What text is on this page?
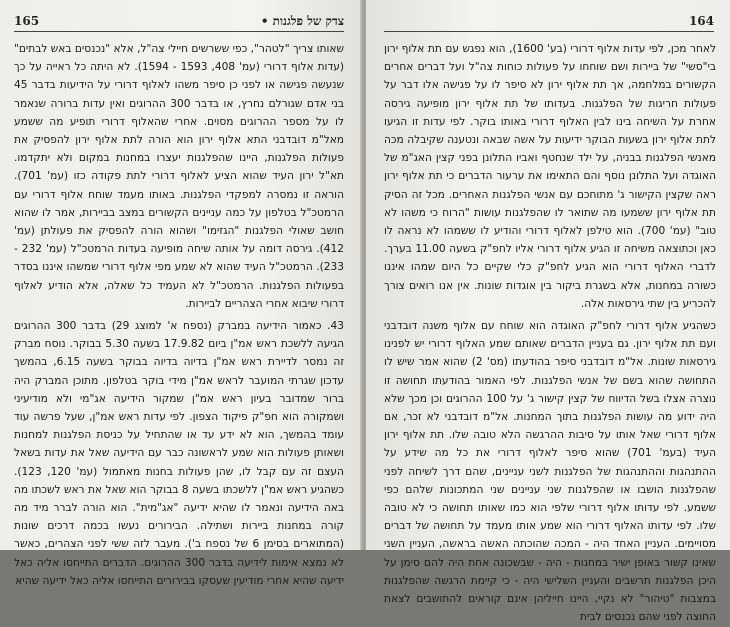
165	צדק של פלגנות •

שאותו צריך "לטהר", כפי ששרשים חיילי צה"ל, אלא "נכנסים באש לבתים" (עדות אלוף דרורי (עמ' 408, 1593 - 1594). לא היתה כל ראייה על כך שנעשה פגישה או לפני כן סיפר משהו לאלוף דרורי על הידיעות בדבר 45 בני אדם שגורלם נחרץ, או בדבר 300 ההרוגים ואין עדות ברורה שנאמר לו על מספר ההרוגים מסוים. אחרי שהאלוף דרורי תופיע מה ששמע מאל"מ דובדבני התא אלוף ירון הוא הורה לתת אלוף ירון להפסיק את פעולות הפלגנות, היינו שהפלגנות יעצרו במחנות במקום ולא יתקדמו. תא"ל ירון העיד שהוא הציע לאלוף דרורי לתת פקודה כזו (עמ' 701). הוראה זו נמסרה למפקדי הפלגנות. באותו מעמד שוחח אלוף דרורי עם הרמטכ"ל בטלפון על כמה עניינים הקשורים במצב בביירות, אמר לו שהוא חושב שאולי הפלגנות "הגזימו" ושהוא הורה להפסיק את פעולתן (עמ' 412). גירסה דומה על אותה שיחה מופיעה בעדות הרמטכ"ל (עמ' 232 - 233). הרמטכ"ל העיד שהוא לא שמע מפי אלוף דרורי שמשהו איננו בסדר בפעולות הפלגנות. הרמטכ"ל לא העמיד כל שאלה, אלא הודיע לאלוף דרורי שיבוא אחרי הצהריים לביירות.

43. כאמור הידיעה במברק (נספח א' למוצג 29) בדבר 300 ההרוגים הגיעה ללשכת ראש אמ"ן ביום 17.9.82 בשעה 5.30 בבוקר. נוסח מברק זה נמסר לדיירת ראש אמ"ן בדיוה בדיוה בבוקר בשעה 6.15, בהמשך עדכון שגרתי המועבר לראש אמ"ן מידי בוקר בטלפון. מתוכן המברק היה ברור שמדובר בעיון ראש אמ"ן שמקור הידיעה אג"מי ולא מודיעיני ושמקורה הוא חפ"ק פיקוד הצפון. לפי עדות ראש אמ"ן, שעל פרשה עוד עומד בהמשך, הוא לא ידע עד או שהתחיל על כניסת הפלגנות למחנות ושאותן פעולות הוא שמע לראשונה כבר עם הידיעה שאל את עדות בשאל העצם זה עם קבל לו, שהן פעולות בחנות מאתמול (עמ' 120, 123). כשהגיע ראש אמ"ן ללשכתו בשעה 8 בבוקר הוא שאל את ראש לשכתו מה באה הידיעה ונאמר לו שהיא ידיעה "אג"מית". הוא הורה לברר מיד מה קורה במחנות ביירות ושתילה. הבירורים נעשו בכמה דרכים שונות (המתוארים בסימן 6 של נספח ב'). מעבר לזה ששי לפני הצהרים, כאשר לא נמצא אימות לידיעה בדבר 300 ההרוגים. הדברים התייחסו אליה כאל ידיעה שהיא אחרי מודיעין שעסקו בבירורים התייחסו אליה כאל ידיעה שהיא

164

לאחר מכן, לפי עדות אלוף דרורי (בע' 1600), הוא נפגש עם תת אלוף ירון בי"סשי" של ביירות ושם שוחחו על פעולות כוחות צה"ל ועל דברים אחרים הקשורים במלחמה, אך תת אלוף ירון לא סיפר לו על פגישה אלו דבר על פעולות חריגות של הפלגנות. בעדותו של תת אלוף ירון מופיעה גירסה אחרת על השיחה בינו לבין האלוף דרורי באותו בוקר. לפי עדות זו הגיעו לתת אלוף ירון בשעות הבוקר ידיעות על אשה שבאה ונטענה שקיבלה מכה מאנשי הפלגנות בבניה, על ילד שנחטף ואביו התלונן בפני קצין האג"מ של האוגדה ועל התלונן נוסף והם התאימו את ערעור הדברים כי תת אלוף ירון ראה שקצין הקישור ג' מתוחכם עם אנשי הפלגנות האחרים. מכל זה הסיק תת אלוף ירון ששמעו מה שתואר לו שהפלגנות עושות "הרוח כי משהו לא טוב" (עמ' 700). הוא טילפן לאלוף דרורי והודיע לו ששמהו לא נראה לו כאן וכתוצאה משיחה זו הגיע אלוף דרורי אליו לחפ"ק בשעה 11.00 בערך. לדברי האלוף דרורי הוא הגיע לחפ"ק כלי שקיים כל היום שמהו איננו כשורה במחנות, אלא בשגרת ביקור בין אוגדות שונות. אין אנו רואים צורך להכריע בין שתי גירסאות אלה.

כשהגיע אלוף דרורי לחפ"ק האוגדה הוא שוחח עם אלוף משנה דובדבני ועם תת אלוף ירון. גם בעניין הדברים שאותם שמע האלוף דרורי יש לפנינו גירסאות שונות. אל"מ דובדבני סיפר בהודעתו (מס' 2) שהוא אמר שיש לו התחושה שהוא בשם של אנשי הפלגנות. לפי האמור בהודעתו תחושה זו נוצרה אצלו בשל הדיווח של קצין קישור ג' על 100 ההרוגים וכן מכך שלא היה ידוע מה עושות הפלגנות בתוך המחנות. אל"מ דובדבני לא זכר, אם אלוף דרורי שאל אותו על סיבות ההרגשה הלא טובה שלו. תת אלוף ירון העיד (בעמ' 701) שהוא סיפר לאלוף דרורי את כל מה שידע על ההתנהגות וההתנהגות של הפלגנות לשני עניינים, שהם דרך לשיחה לפני שהפלגנות הושבו או שהפלגנות שני עניינים שני המתכונות שלהם כפי ששמע. לפי עדותו אלוף דרורי שלפי הוא כמו שאותו תחושה כי לא טובה שלו. לפי עדותו האלוף דרורי הוא שמע אותו מעמד על תחושה של דברים מסויימים. העניין האחד היה - המכה שהוכתה האשה בראשה, העניין השני שאינו קשור באופן ישיר במחנות - היה - שבשכונה אחת היה להם סימן על היכן הפלגנות תרשבים והעניין השלישי היה - כי קיימת הרגשה שהפלגנות במצבות "טיהור" לא נקיי, היינו חייליהן אינם קוראים להתושבים לצאת החוצה לפני שהם נכנסים לבית
